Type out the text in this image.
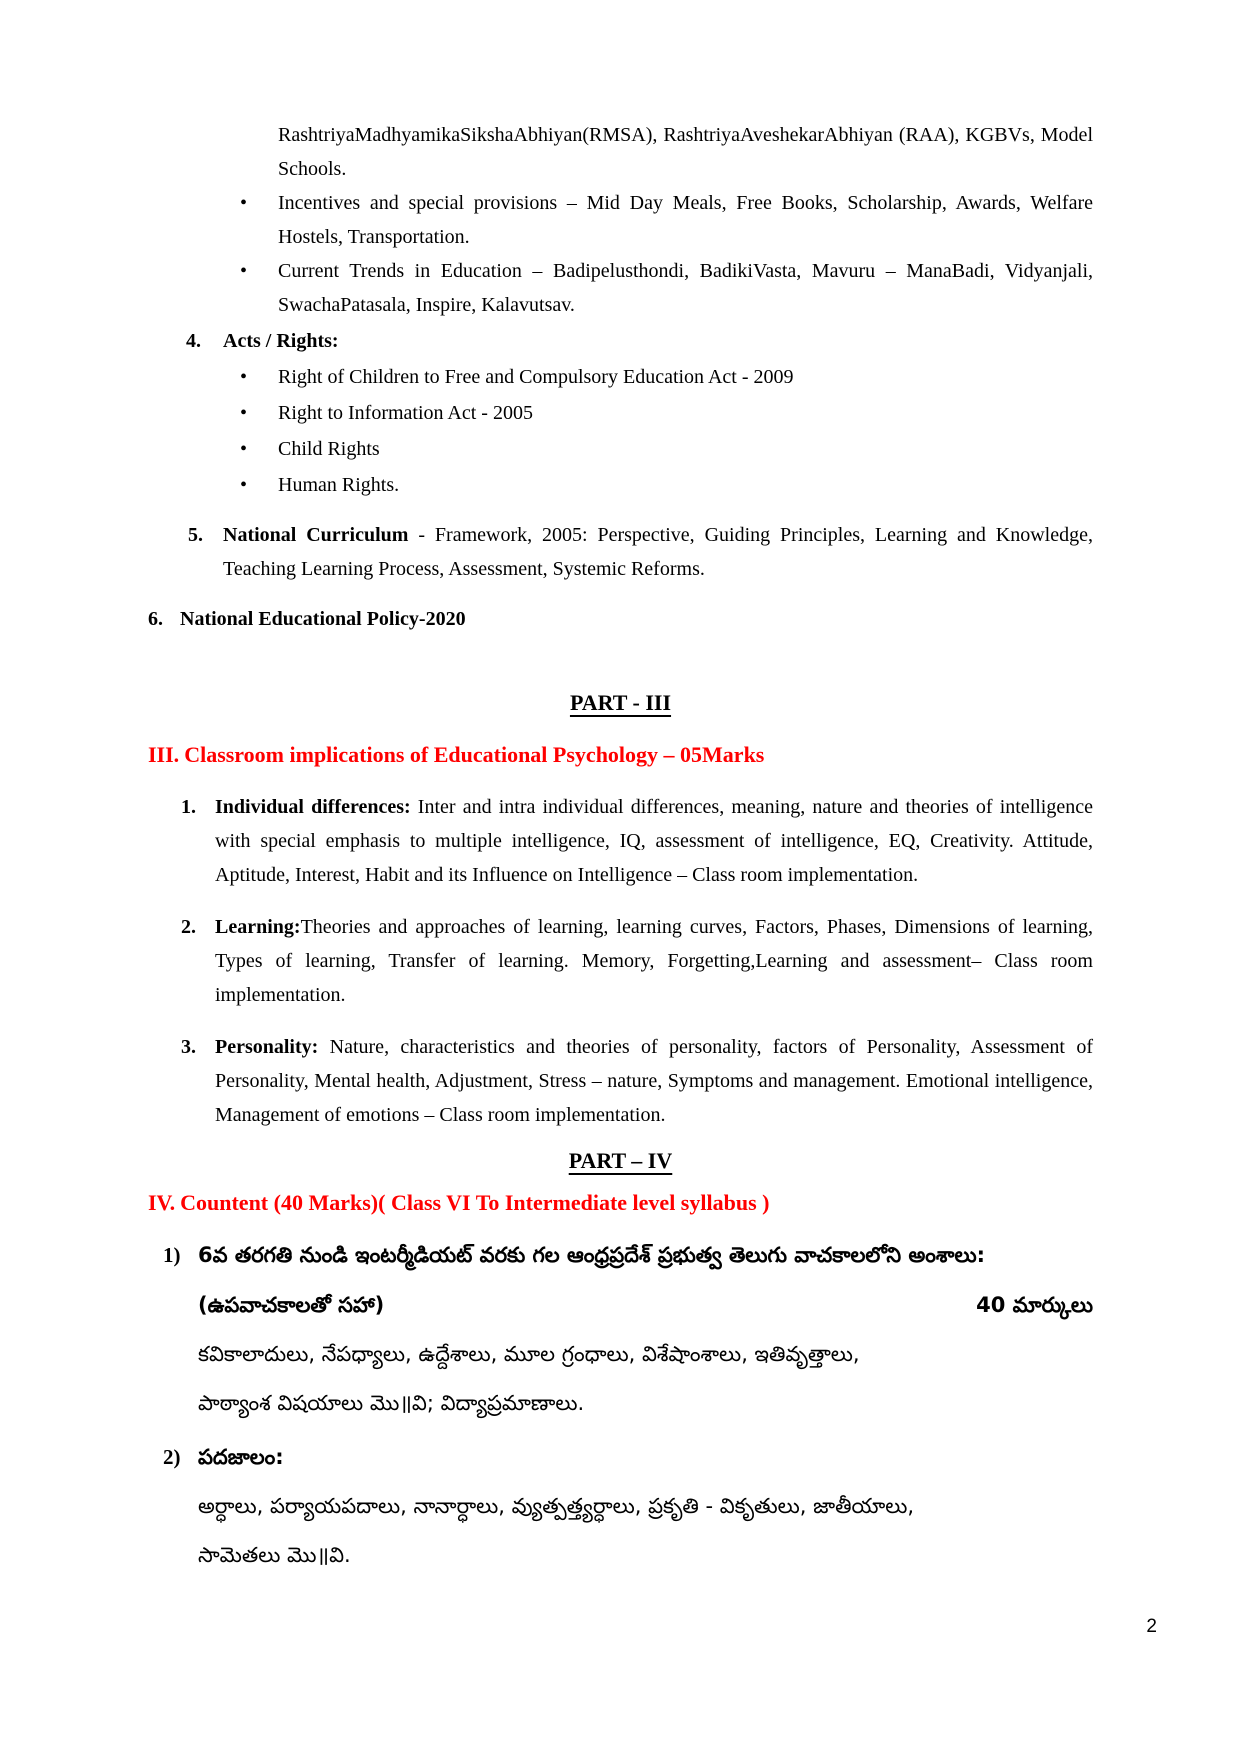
RashtriyaMadhyamikaSikshaAbhiyan(RMSA), RashtriyaAveshekarAbhiyan (RAA), KGBVs, Model Schools.

•	Incentives and special provisions – Mid Day Meals, Free Books, Scholarship, Awards, Welfare Hostels, Transportation.

•	Current Trends in Education – Badipelusthondi, BadikiVasta, Mavuru – ManaBadi, Vidyanjali, SwachaPatasala, Inspire, Kalavutsav.

4.	Acts / Rights:
•	Right of Children to Free and Compulsory Education Act - 2009

•	Right to Information Act - 2005

•	Child Rights

•	Human Rights.

5.	National Curriculum - Framework, 2005: Perspective, Guiding Principles, Learning and Knowledge, Teaching Learning Process, Assessment, Systemic Reforms.
6. National Educational Policy-2020
PART - III
III. Classroom implications of Educational Psychology – 05Marks
1. Individual differences: Inter and intra individual differences, meaning, nature and theories of intelligence with special emphasis to multiple intelligence, IQ, assessment of intelligence, EQ, Creativity. Attitude, Aptitude, Interest, Habit and its Influence on Intelligence – Class room implementation.
2. Learning:Theories and approaches of learning, learning curves, Factors, Phases, Dimensions of learning, Types of learning, Transfer of learning. Memory, Forgetting,Learning and assessment– Class room implementation.
3. Personality: Nature, characteristics and theories of personality, factors of Personality, Assessment of Personality, Mental health, Adjustment, Stress – nature, Symptoms and management. Emotional intelligence, Management of emotions – Class room implementation.
PART – IV
IV. Countent (40 Marks)( Class VI To Intermediate level syllabus )
1) 6వ తరగతి నుండి ఇంటర్మీడియట్ వరకు గల ఆంధ్రప్రదేశ్ ప్రభుత్వ తెలుగు వాచకాలలోని అంశాలు:
(ఉపవాచకాలతో సహా)	40 మార్కులు

కవికాలాదులు, నేపధ్యాలు, ఉద్దేశాలు, మూల గ్రంధాలు, విశేషాంశాలు, ఇతివృత్తాలు,

పాఠ్యాంశ విషయాలు మొ॥వి; విద్యాప్రమాణాలు.

2) పదజాలం:

అర్ధాలు, పర్యాయపదాలు, నానార్ధాలు, వ్యుత్పత్త్యర్ధాలు, ప్రకృతి - వికృతులు, జాతీయాలు,

సామెతలు మొ॥వి.

2
